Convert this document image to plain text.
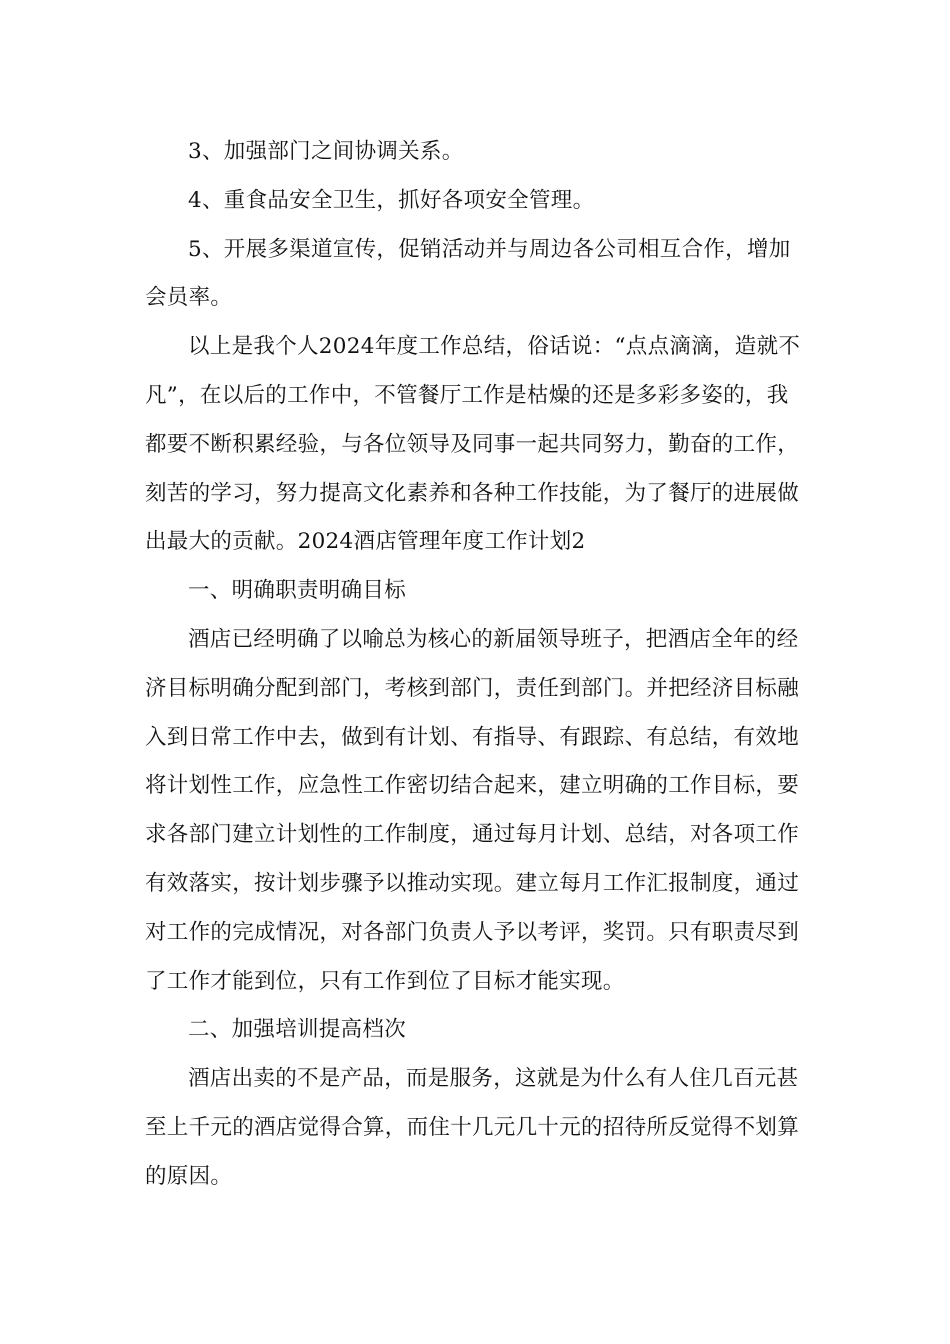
3、加强部门之间协调关系。

4、重食品安全卫生，抓好各项安全管理。

5、开展多渠道宣传，促销活动并与周边各公司相互合作，增加会员率。

以上是我个人2024年度工作总结，俗话说：“点点滴滴，造就不凡”，在以后的工作中，不管餐厅工作是枯燥的还是多彩多姿的，我都要不断积累经验，与各位领导及同事一起共同努力，勤奋的工作，刻苦的学习，努力提高文化素养和各种工作技能，为了餐厅的进展做出最大的贡献。2024酒店管理年度工作计划2

一、明确职责明确目标

酒店已经明确了以喻总为核心的新届领导班子，把酒店全年的经济目标明确分配到部门，考核到部门，责任到部门。并把经济目标融入到日常工作中去，做到有计划、有指导、有跟踪、有总结，有效地将计划性工作，应急性工作密切结合起来，建立明确的工作目标，要求各部门建立计划性的工作制度，通过每月计划、总结，对各项工作有效落实，按计划步骤予以推动实现。建立每月工作汇报制度，通过对工作的完成情况，对各部门负责人予以考评，奖罚。只有职责尽到了工作才能到位，只有工作到位了目标才能实现。

二、加强培训提高档次

酒店出卖的不是产品，而是服务，这就是为什么有人住几百元甚至上千元的酒店觉得合算，而住十几元几十元的招待所反觉得不划算的原因。
